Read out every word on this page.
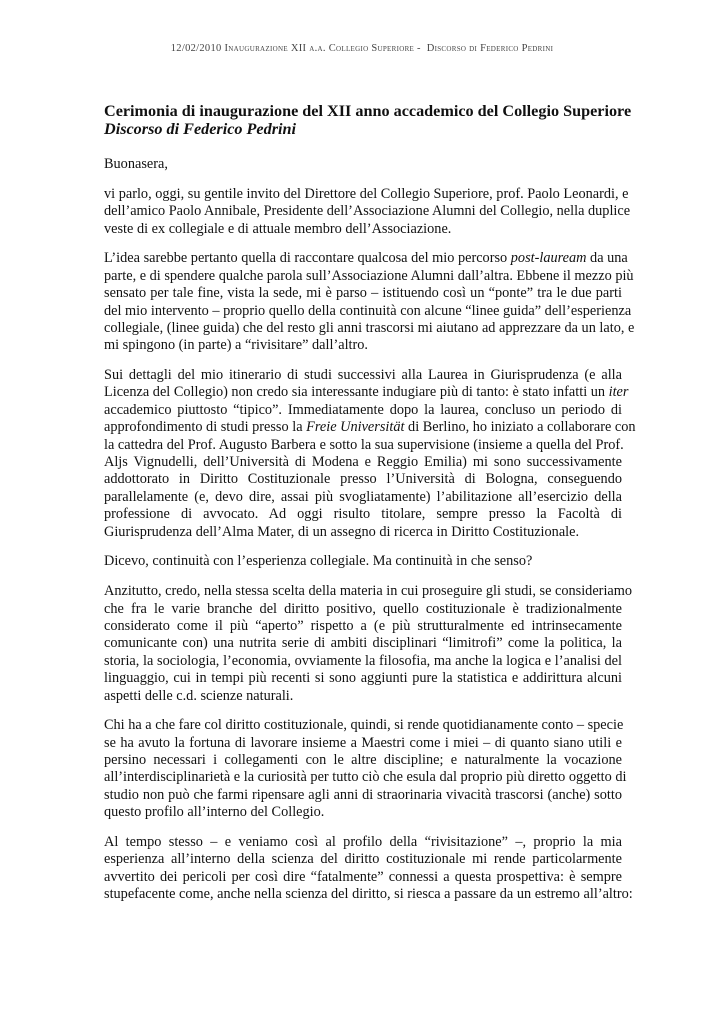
12/02/2010 Inaugurazione XII a.a. Collegio Superiore -  Discorso di Federico Pedrini
Cerimonia di inaugurazione del XII anno accademico del Collegio Superiore
Discorso di Federico Pedrini
Buonasera,
vi parlo, oggi, su gentile invito del Direttore del Collegio Superiore, prof. Paolo Leonardi, e
dell’amico Paolo Annibale, Presidente dell’Associazione Alumni del Collegio, nella duplice
veste di ex collegiale e di attuale membro dell’Associazione.
L’idea sarebbe pertanto quella di raccontare qualcosa del mio percorso post-lauream da una
parte, e di spendere qualche parola sull’Associazione Alumni dall’altra. Ebbene il mezzo più
sensato per tale fine, vista la sede, mi è parso – istituendo così un “ponte” tra le due parti
del mio intervento – proprio quello della continuità con alcune “linee guida” dell’esperienza
collegiale, (linee guida) che del resto gli anni trascorsi mi aiutano ad apprezzare da un lato, e
mi spingono (in parte) a “rivisitare” dall’altro.
Sui dettagli del mio itinerario di studi successivi alla Laurea in Giurisprudenza (e alla
Licenza del Collegio) non credo sia interessante indugiare più di tanto: è stato infatti un iter
accademico piuttosto “tipico”. Immediatamente dopo la laurea, concluso un periodo di
approfondimento di studi presso la Freie Universität di Berlino, ho iniziato a collaborare con
la cattedra del Prof. Augusto Barbera e sotto la sua supervisione (insieme a quella del Prof.
Aljs Vignudelli, dell’Università di Modena e Reggio Emilia) mi sono successivamente
addottorato in Diritto Costituzionale presso l’Università di Bologna, conseguendo
parallelamente (e, devo dire, assai più svogliatamente) l’abilitazione all’esercizio della
professione di avvocato. Ad oggi risulto titolare, sempre presso la Facoltà di
Giurisprudenza dell’Alma Mater, di un assegno di ricerca in Diritto Costituzionale.
Dicevo, continuità con l’esperienza collegiale. Ma continuità in che senso?
Anzitutto, credo, nella stessa scelta della materia in cui proseguire gli studi, se consideriamo
che fra le varie branche del diritto positivo, quello costituzionale è tradizionalmente
considerato come il più “aperto” rispetto a (e più strutturalmente ed intrinsecamente
comunicante con) una nutrita serie di ambiti disciplinari “limitrofi” come la politica, la
storia, la sociologia, l’economia, ovviamente la filosofia, ma anche la logica e l’analisi del
linguaggio, cui in tempi più recenti si sono aggiunti pure la statistica e addirittura alcuni
aspetti delle c.d. scienze naturali.
Chi ha a che fare col diritto costituzionale, quindi, si rende quotidianamente conto – specie
se ha avuto la fortuna di lavorare insieme a Maestri come i miei – di quanto siano utili e
persino necessari i collegamenti con le altre discipline; e naturalmente la vocazione
all’interdisciplinarietà e la curiosità per tutto ciò che esula dal proprio più diretto oggetto di
studio non può che farmi ripensare agli anni di straorinaria vivacità trascorsi (anche) sotto
questo profilo all’interno del Collegio.
Al tempo stesso – e veniamo così al profilo della “rivisitazione” –, proprio la mia
esperienza all’interno della scienza del diritto costituzionale mi rende particolarmente
avvertito dei pericoli per così dire “fatalmente” connessi a questa prospettiva: è sempre
stupefacente come, anche nella scienza del diritto, si riesca a passare da un estremo all’altro:
